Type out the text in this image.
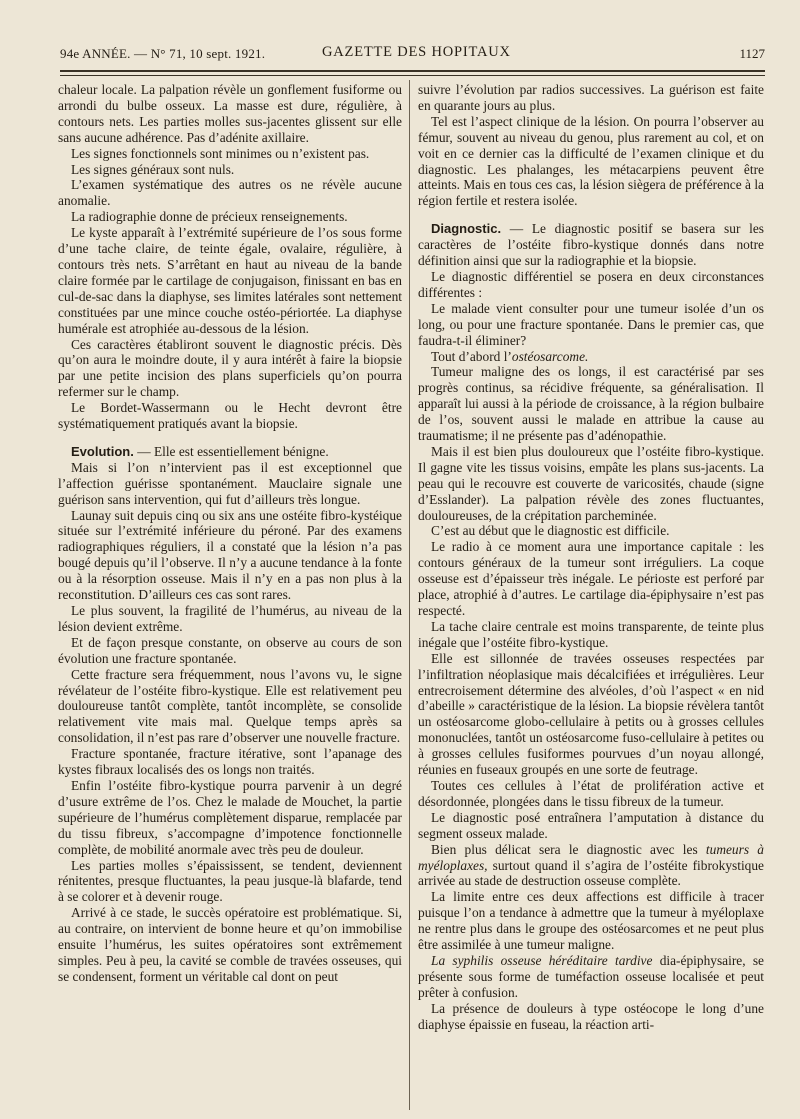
94e ANNÉE. — N° 71, 10 sept. 1921.	GAZETTE DES HOPITAUX	1127

chaleur locale. La palpation révèle un gonflement fusiforme ou arrondi du bulbe osseux. La masse est dure, régulière, à contours nets. Les parties molles sus-jacentes glissent sur elle sans aucune adhérence. Pas d’adénite axillaire.

Les signes fonctionnels sont minimes ou n’existent pas.

Les signes généraux sont nuls.

L’examen systématique des autres os ne révèle aucune anomalie.

La radiographie donne de précieux renseignements.

Le kyste apparaît à l’extrémité supérieure de l’os sous forme d’une tache claire, de teinte égale, ovalaire, régulière, à contours très nets. S’arrêtant en haut au niveau de la bande claire formée par le cartilage de conjugaison, finissant en bas en cul-de-sac dans la diaphyse, ses limites latérales sont nettement constituées par une mince couche ostéo-périortée. La diaphyse humérale est atrophiée au-dessous de la lésion.

Ces caractères établiront souvent le diagnostic précis. Dès qu’on aura le moindre doute, il y aura intérêt à faire la biopsie par une petite incision des plans superficiels qu’on pourra refermer sur le champ.

Le Bordet-Wassermann ou le Hecht devront être systématiquement pratiqués avant la biopsie.

Evolution. — Elle est essentiellement bénigne.

Mais si l’on n’intervient pas il est exceptionnel que l’affection guérisse spontanément. Mauclaire signale une guérison sans intervention, qui fut d’ailleurs très longue.

Launay suit depuis cinq ou six ans une ostéite fibro-kystéique située sur l’extrémité inférieure du péroné. Par des examens radiographiques réguliers, il a constaté que la lésion n’a pas bougé depuis qu’il l’observe. Il n’y a aucune tendance à la fonte ou à la résorption osseuse. Mais il n’y en a pas non plus à la reconstitution. D’ailleurs ces cas sont rares.

Le plus souvent, la fragilité de l’humérus, au niveau de la lésion devient extrême.

Et de façon presque constante, on observe au cours de son évolution une fracture spontanée.

Cette fracture sera fréquemment, nous l’avons vu, le signe révélateur de l’ostéite fibro-kystique. Elle est relativement peu douloureuse tantôt complète, tantôt incomplète, se consolide relativement vite mais mal. Quelque temps après sa consolidation, il n’est pas rare d’observer une nouvelle fracture.

Fracture spontanée, fracture itérative, sont l’apanage des kystes fibraux localisés des os longs non traités.

Enfin l’ostéite fibro-kystique pourra parvenir à un degré d’usure extrême de l’os. Chez le malade de Mouchet, la partie supérieure de l’humérus complètement disparue, remplacée par du tissu fibreux, s’accompagne d’impotence fonctionnelle complète, de mobilité anormale avec très peu de douleur.

Les parties molles s’épaississent, se tendent, deviennent rénitentes, presque fluctuantes, la peau jusque-là blafarde, tend à se colorer et à devenir rouge.

Arrivé à ce stade, le succès opératoire est problématique. Si, au contraire, on intervient de bonne heure et qu’on immobilise ensuite l’humérus, les suites opératoires sont extrêmement simples. Peu à peu, la cavité se comble de travées osseuses, qui se condensent, forment un véritable cal dont on peut

suivre l’évolution par radios successives. La guérison est faite en quarante jours au plus.

Tel est l’aspect clinique de la lésion. On pourra l’observer au fémur, souvent au niveau du genou, plus rarement au col, et on voit en ce dernier cas la difficulté de l’examen clinique et du diagnostic. Les phalanges, les métacarpiens peuvent être atteints. Mais en tous ces cas, la lésion siègera de préférence à la région fertile et restera isolée.

Diagnostic. — Le diagnostic positif se basera sur les caractères de l’ostéite fibro-kystique donnés dans notre définition ainsi que sur la radiographie et la biopsie.

Le diagnostic différentiel se posera en deux circonstances différentes :

Le malade vient consulter pour une tumeur isolée d’un os long, ou pour une fracture spontanée. Dans le premier cas, que faudra-t-il éliminer?

Tout d’abord l’ostéosarcome.

Tumeur maligne des os longs, il est caractérisé par ses progrès continus, sa récidive fréquente, sa généralisation. Il apparaît lui aussi à la période de croissance, à la région bulbaire de l’os, souvent aussi le malade en attribue la cause au traumatisme; il ne présente pas d’adénopathie.

Mais il est bien plus douloureux que l’ostéite fibro-kystique. Il gagne vite les tissus voisins, empâte les plans sus-jacents. La peau qui le recouvre est couverte de varicosités, chaude (signe d’Esslander). La palpation révèle des zones fluctuantes, douloureuses, de la crépitation parcheminée.

C’est au début que le diagnostic est difficile.

Le radio à ce moment aura une importance capitale : les contours généraux de la tumeur sont irréguliers. La coque osseuse est d’épaisseur très inégale. Le périoste est perforé par place, atrophié à d’autres. Le cartilage dia-épiphysaire n’est pas respecté.

La tache claire centrale est moins transparente, de teinte plus inégale que l’ostéite fibro-kystique.

Elle est sillonnée de travées osseuses respectées par l’infiltration néoplasique mais décalcifiées et irrégulières. Leur entrecroisement détermine des alvéoles, d’où l’aspect « en nid d’abeille » caractéristique de la lésion. La biopsie révèlera tantôt un ostéosarcome globo-cellulaire à petits ou à grosses cellules mononuclées, tantôt un ostéosarcome fuso-cellulaire à petites ou à grosses cellules fusiformes pourvues d’un noyau allongé, réunies en fuseaux groupés en une sorte de feutrage.

Toutes ces cellules à l’état de prolifération active et désordonnée, plongées dans le tissu fibreux de la tumeur.

Le diagnostic posé entraînera l’amputation à distance du segment osseux malade.

Bien plus délicat sera le diagnostic avec les tumeurs à myéloplaxes, surtout quand il s’agira de l’ostéite fibrokystique arrivée au stade de destruction osseuse complète.

La limite entre ces deux affections est difficile à tracer puisque l’on a tendance à admettre que la tumeur à myéloplaxe ne rentre plus dans le groupe des ostéosarcomes et ne peut plus être assimilée à une tumeur maligne.

La syphilis osseuse héréditaire tardive dia-épiphysaire, se présente sous forme de tuméfaction osseuse localisée et peut prêter à confusion.

La présence de douleurs à type ostéocope le long d’une diaphyse épaissie en fuseau, la réaction arti-
